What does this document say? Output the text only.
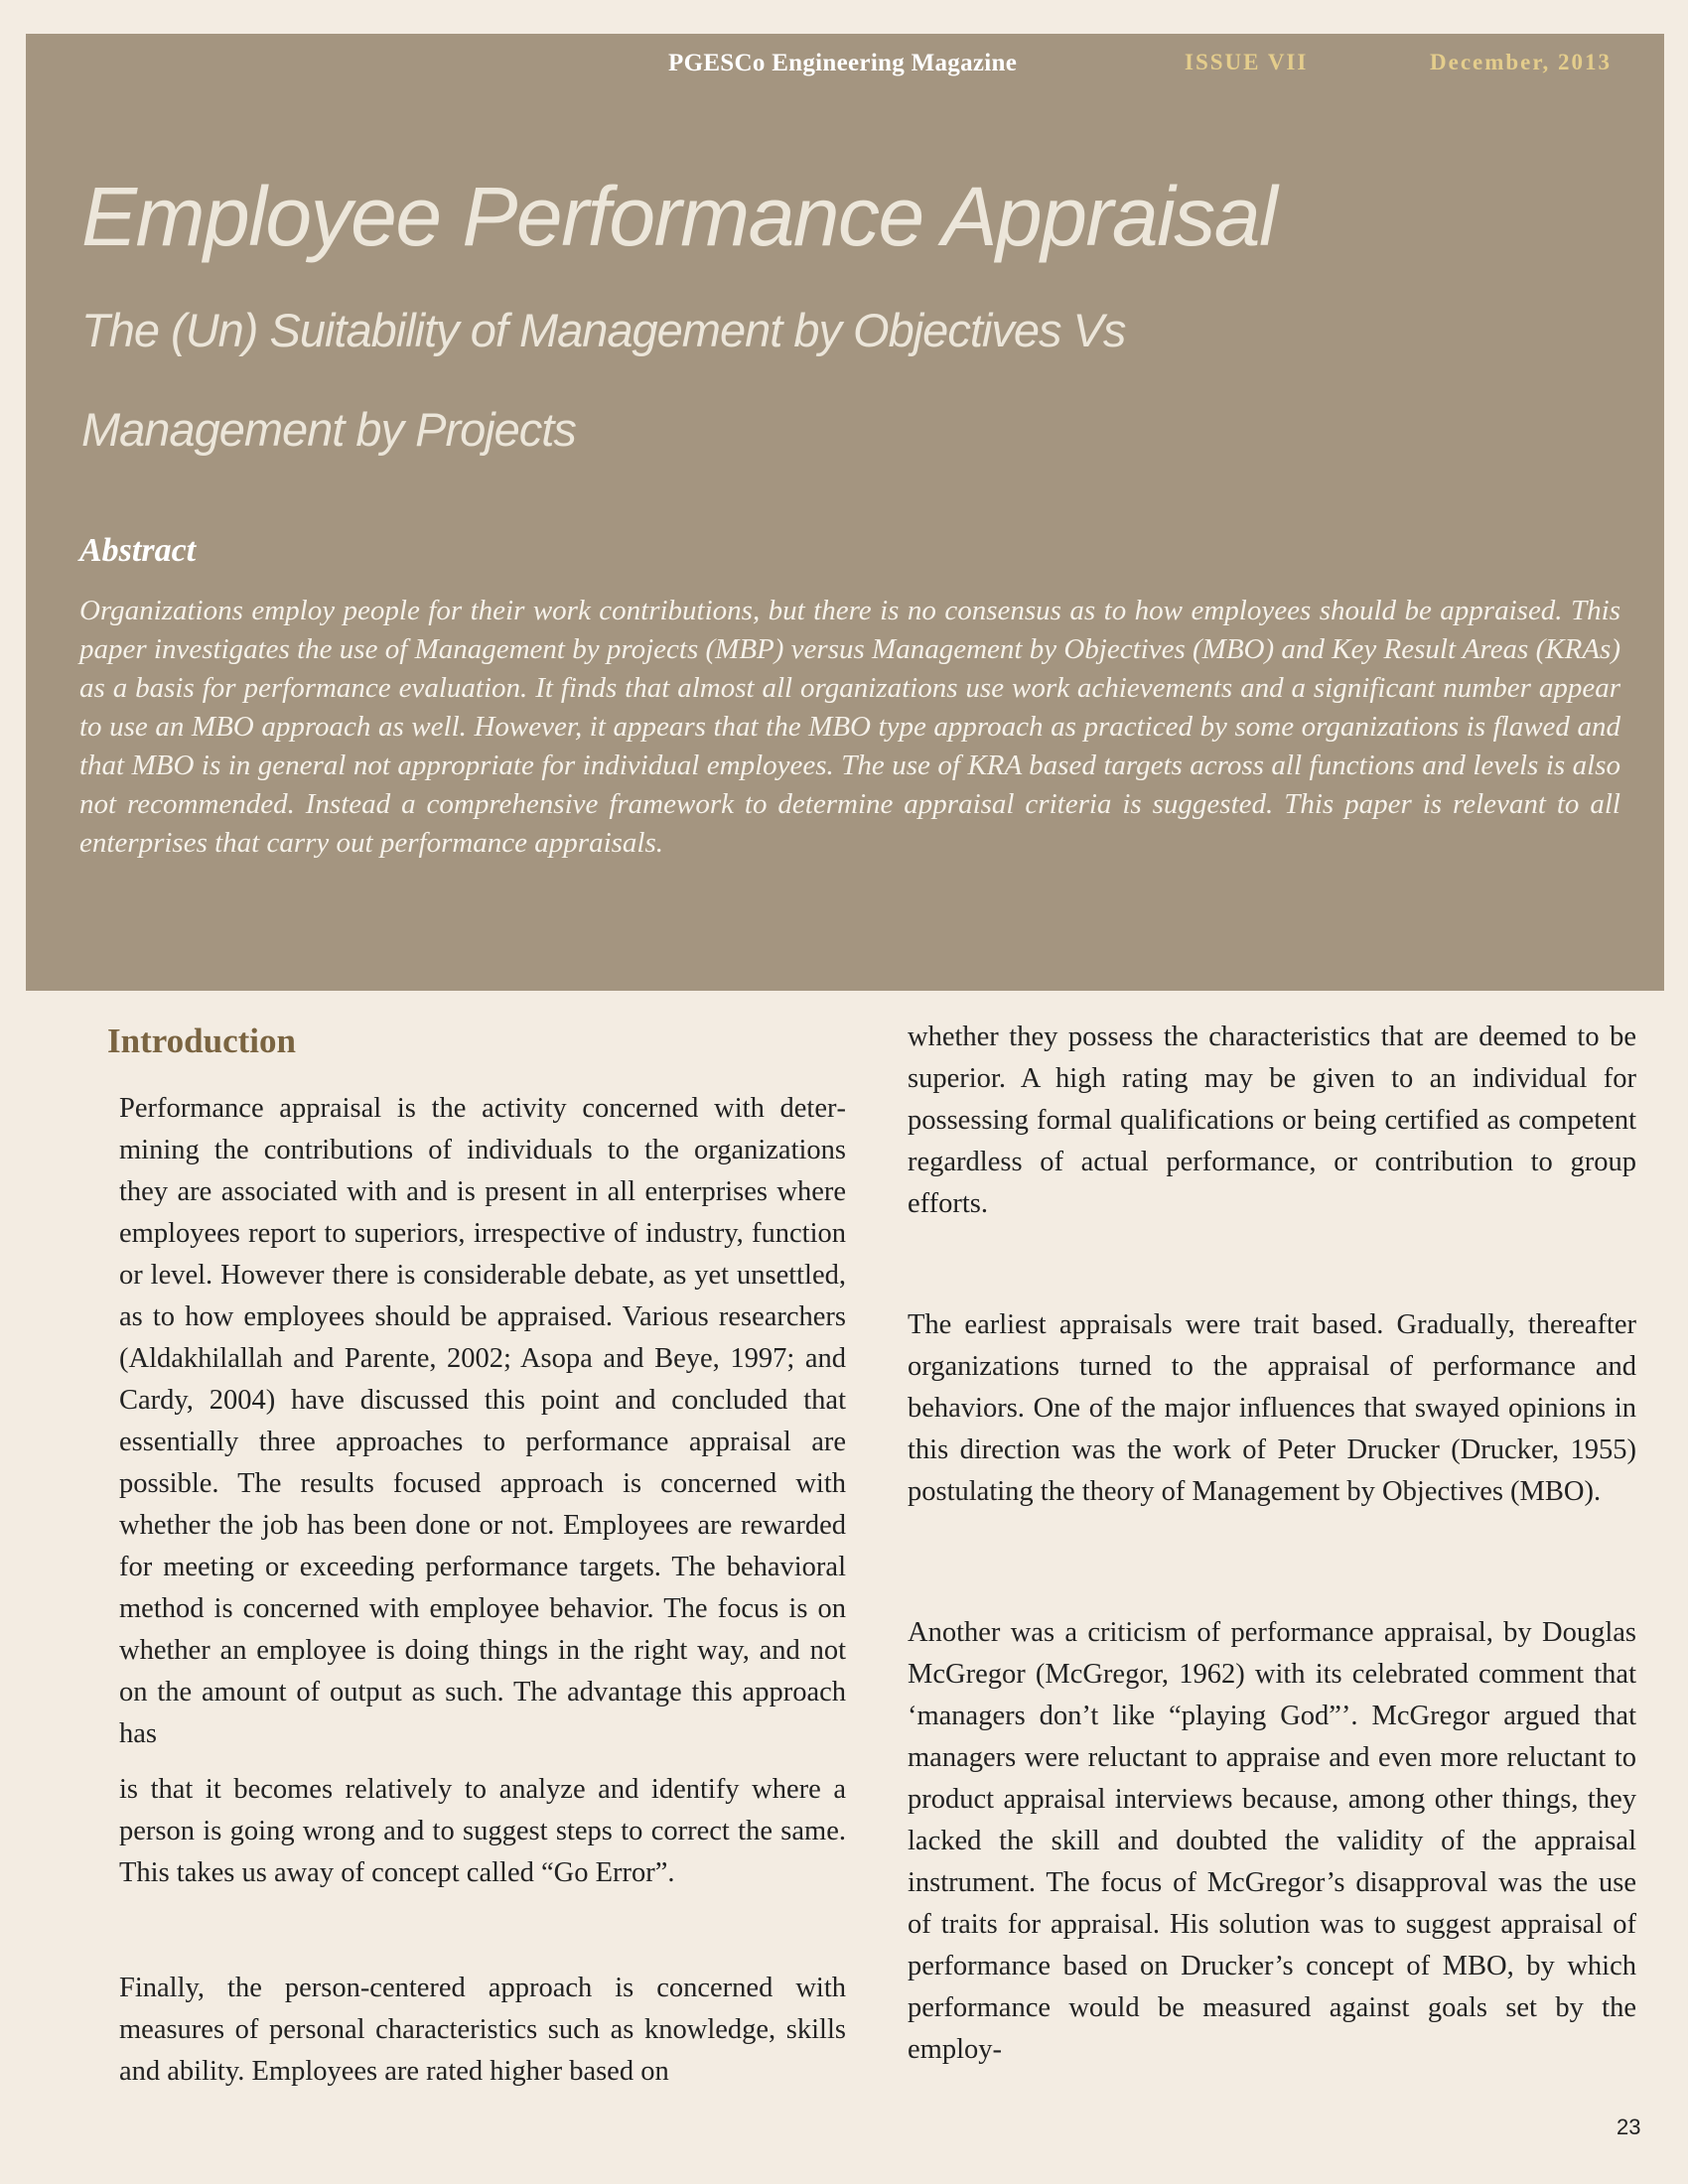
PGESCo Engineering Magazine	ISSUE VII	December, 2013
Employee Performance Appraisal
The (Un) Suitability of Management by Objectives Vs
Management by Projects
Abstract

Organizations employ people for their work contributions, but there is no consensus as to how employees should be appraised. This paper investigates the use of Management by projects (MBP) versus Management by Objectives (MBO) and Key Result Areas (KRAs) as a basis for performance evaluation. It finds that almost all organizations use work achievements and a significant number appear to use an MBO approach as well. However, it appears that the MBO type approach as practiced by some organizations is flawed and that MBO is in general not appropriate for individual employees. The use of KRA based targets across all functions and levels is also not recommended. Instead a comprehensive framework to determine appraisal criteria is suggested. This paper is relevant to all enterprises that carry out performance appraisals.

Introduction

Performance appraisal is the activity concerned with determining the contributions of individuals to the organizations they are associated with and is present in all enterprises where employees report to superiors, irrespective of industry, function or level. However there is considerable debate, as yet unsettled, as to how employees should be appraised. Various researchers (Aldakhilallah and Parente, 2002; Asopa and Beye, 1997; and Cardy, 2004) have discussed this point and concluded that essentially three approaches to performance appraisal are possible. The results focused approach is concerned with whether the job has been done or not. Employees are rewarded for meeting or exceeding performance targets. The behavioral method is concerned with employee behavior. The focus is on whether an employee is doing things in the right way, and not on the amount of output as such. The advantage this approach has

is that it becomes relatively to analyze and identify where a person is going wrong and to suggest steps to correct the same. This takes us away of concept called “Go Error”.

Finally, the person-centered approach is concerned with measures of personal characteristics such as knowledge, skills and ability. Employees are rated higher based on

whether they possess the characteristics that are deemed to be superior. A high rating may be given to an individual for possessing formal qualifications or being certified as competent regardless of actual performance, or contribution to group efforts.

The earliest appraisals were trait based. Gradually, thereafter organizations turned to the appraisal of performance and behaviors. One of the major influences that swayed opinions in this direction was the work of Peter Drucker (Drucker, 1955) postulating the theory of Management by Objectives (MBO).

Another was a criticism of performance appraisal, by Douglas McGregor (McGregor, 1962) with its celebrated comment that ‘managers don’t like “playing God”’. McGregor argued that managers were reluctant to appraise and even more reluctant to product appraisal interviews because, among other things, they lacked the skill and doubted the validity of the appraisal instrument. The focus of McGregor’s disapproval was the use of traits for appraisal. His solution was to suggest appraisal of performance based on Drucker’s concept of MBO, by which performance would be measured against goals set by the employ-

23
